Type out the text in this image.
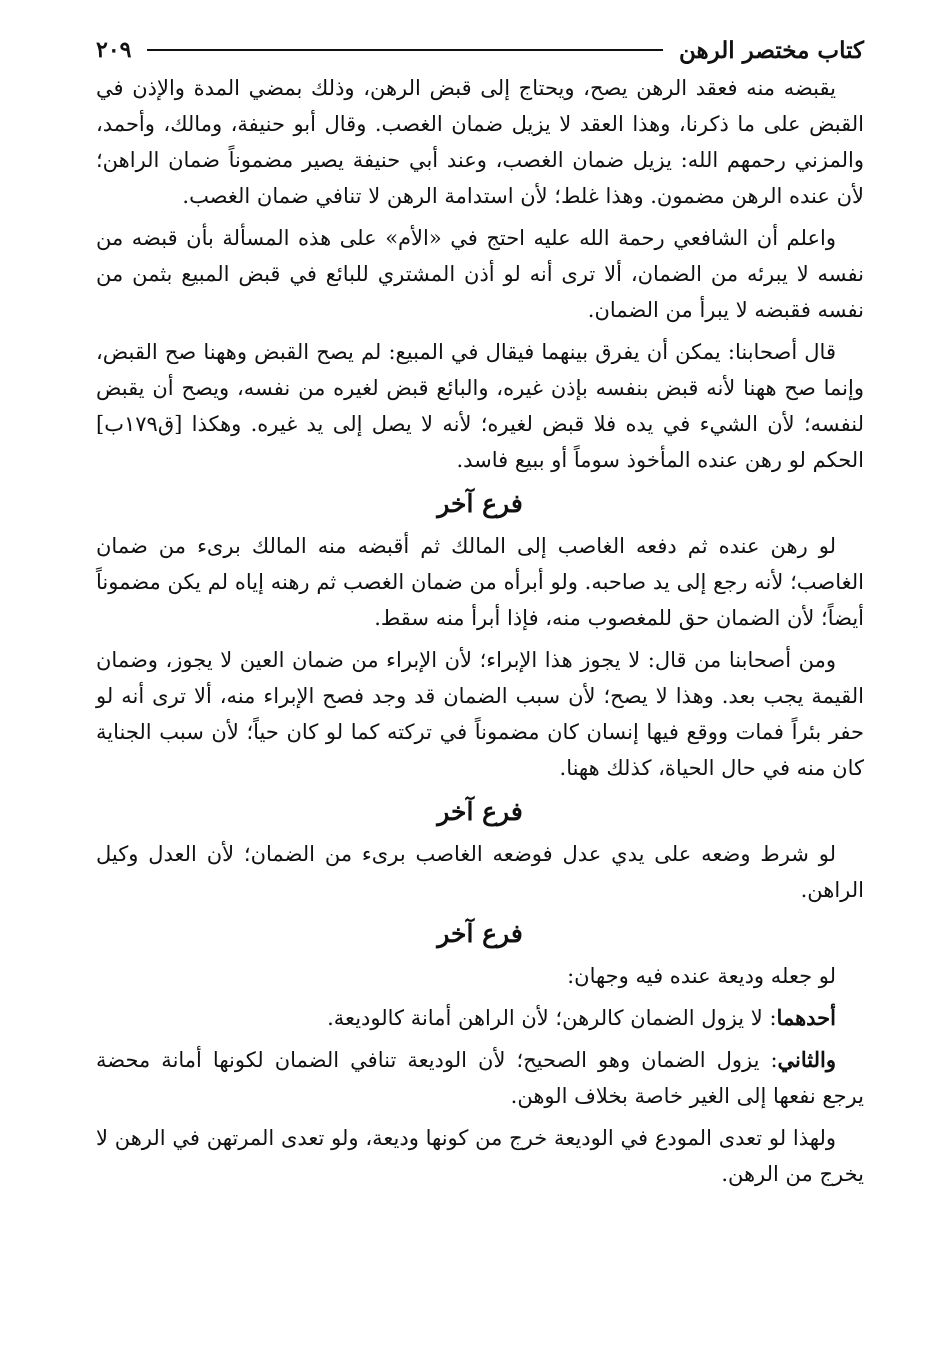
كتاب مختصر الرهن
٢٠٩

يقبضه منه فعقد الرهن يصح، ويحتاج إلى قبض الرهن، وذلك بمضي المدة والإذن في القبض على ما ذكرنا، وهذا العقد لا يزيل ضمان الغصب. وقال أبو حنيفة، ومالك، وأحمد، والمزني رحمهم الله: يزيل ضمان الغصب، وعند أبي حنيفة يصير مضموناً ضمان الراهن؛ لأن عنده الرهن مضمون. وهذا غلط؛ لأن استدامة الرهن لا تنافي ضمان الغصب.

واعلم أن الشافعي رحمة الله عليه احتج في «الأم» على هذه المسألة بأن قبضه من نفسه لا يبرئه من الضمان، ألا ترى أنه لو أذن المشتري للبائع في قبض المبيع بثمن من نفسه فقبضه لا يبرأ من الضمان.

قال أصحابنا: يمكن أن يفرق بينهما فيقال في المبيع: لم يصح القبض وههنا صح القبض، وإنما صح ههنا لأنه قبض بنفسه بإذن غيره، والبائع قبض لغيره من نفسه، ويصح أن يقبض لنفسه؛ لأن الشيء في يده فلا قبض لغيره؛ لأنه لا يصل إلى يد غيره. وهكذا [ق١٧٩ب] الحكم لو رهن عنده المأخوذ سوماً أو ببيع فاسد.

فرع آخر

لو رهن عنده ثم دفعه الغاصب إلى المالك ثم أقبضه منه المالك برىء من ضمان الغاصب؛ لأنه رجع إلى يد صاحبه. ولو أبرأه من ضمان الغصب ثم رهنه إياه لم يكن مضموناً أيضاً؛ لأن الضمان حق للمغصوب منه، فإذا أبرأ منه سقط.

ومن أصحابنا من قال: لا يجوز هذا الإبراء؛ لأن الإبراء من ضمان العين لا يجوز، وضمان القيمة يجب بعد. وهذا لا يصح؛ لأن سبب الضمان قد وجد فصح الإبراء منه، ألا ترى أنه لو حفر بئراً فمات ووقع فيها إنسان كان مضموناً في تركته كما لو كان حياً؛ لأن سبب الجناية كان منه في حال الحياة، كذلك ههنا.

فرع آخر

لو شرط وضعه على يدي عدل فوضعه الغاصب برىء من الضمان؛ لأن العدل وكيل الراهن.

فرع آخر

لو جعله وديعة عنده فيه وجهان:

أحدهما: لا يزول الضمان كالرهن؛ لأن الراهن أمانة كالوديعة.

والثاني: يزول الضمان وهو الصحيح؛ لأن الوديعة تنافي الضمان لكونها أمانة محضة يرجع نفعها إلى الغير خاصة بخلاف الوهن.

ولهذا لو تعدى المودع في الوديعة خرج من كونها وديعة، ولو تعدى المرتهن في الرهن لا يخرج من الرهن.
